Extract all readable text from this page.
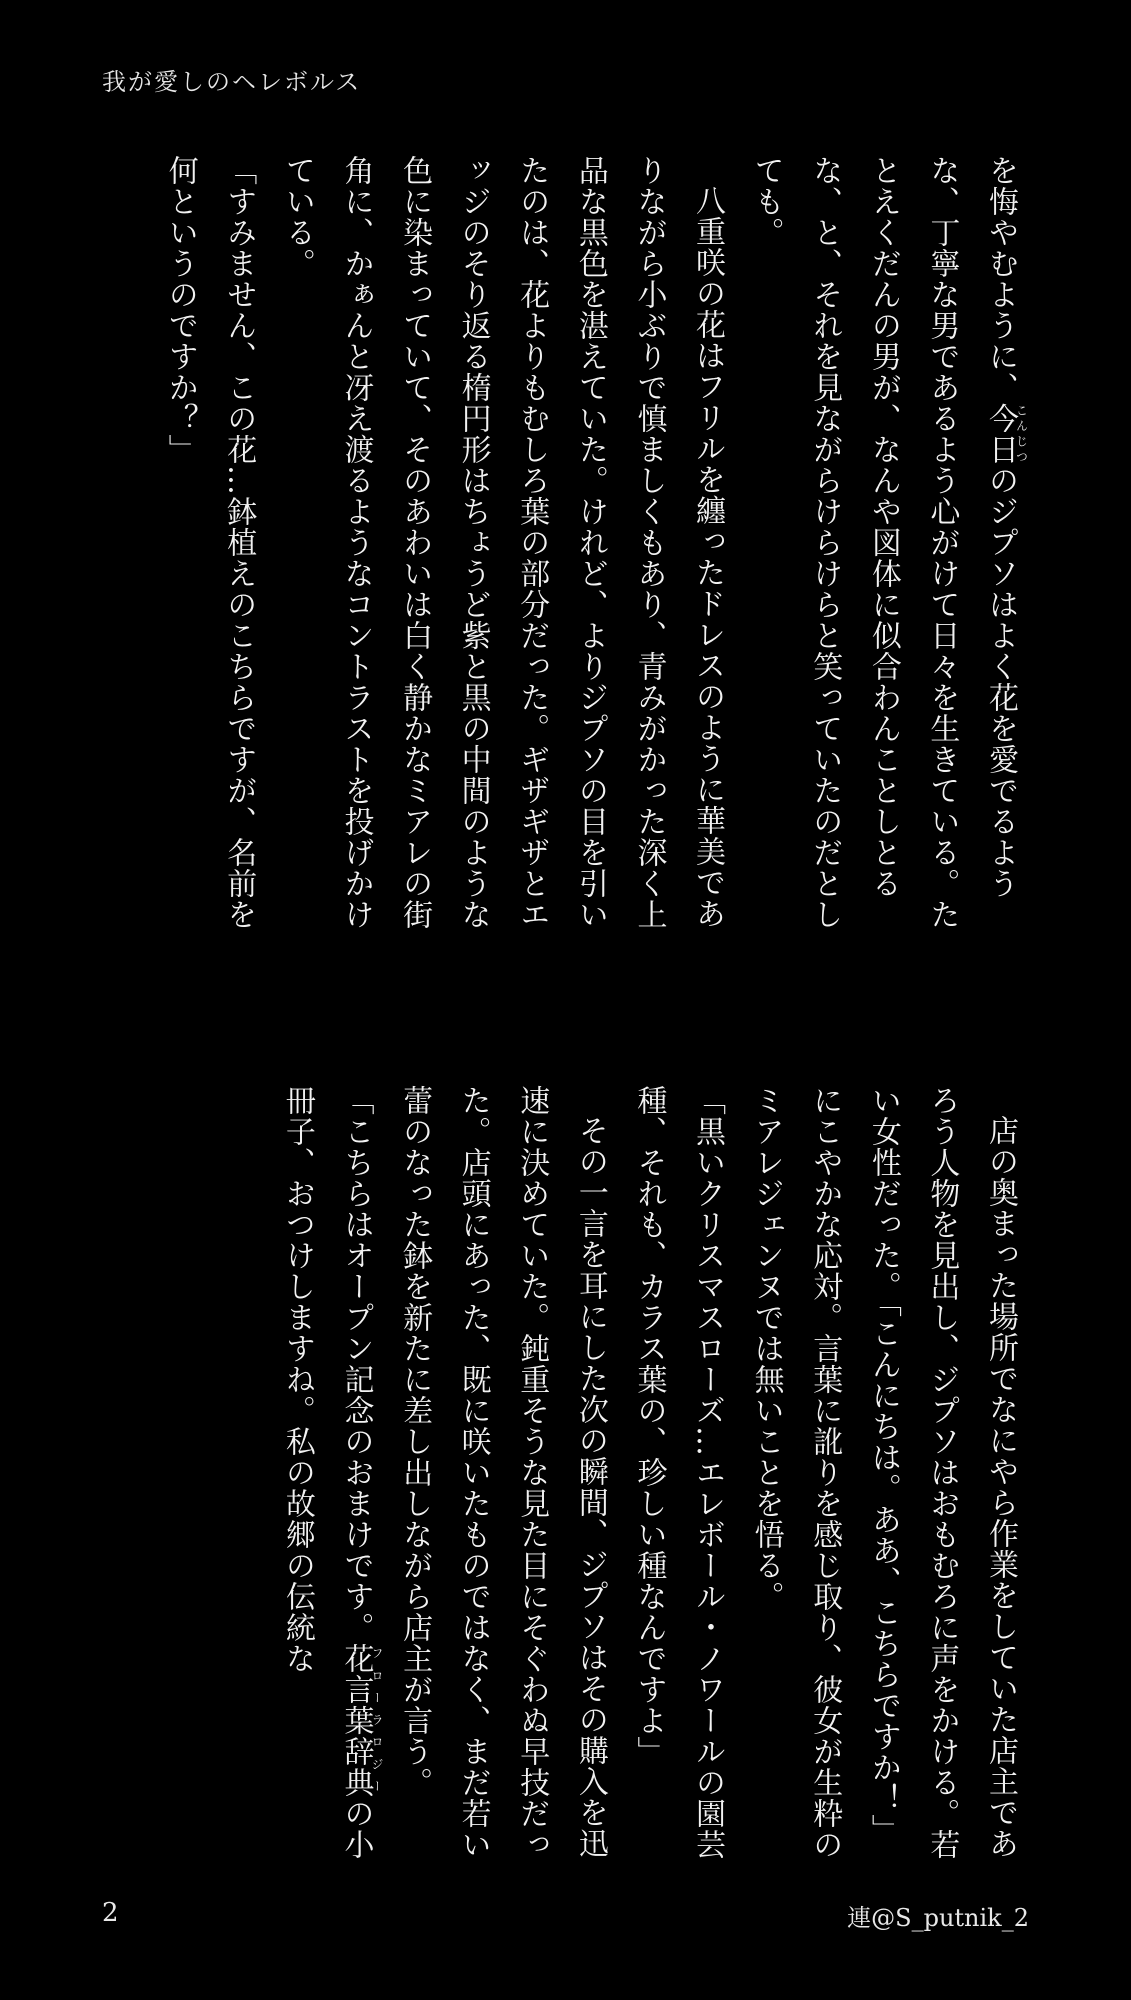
我が愛しのヘレボルス

を悔やむように、今日こんじつのジプソはよく花を愛でるような、丁寧な男であるよう心がけて日々を生きている。たとえくだんの男が、なんや図体に似合わんことしとるな、と、それを見ながらけらけらと笑っていたのだとしても。

八重咲の花はフリルを纏ったドレスのように華美でありながら小ぶりで慎ましくもあり、青みがかった深く上品な黒色を湛えていた。けれど、よりジプソの目を引いたのは、花よりもむしろ葉の部分だった。ギザギザとエッジのそり返る楕円形はちょうど紫と黒の中間のような色に染まっていて、そのあわいは白く静かなミアレの街角に、かぁんと冴え渡るようなコントラストを投げかけている。

「すみません、この花…鉢植えのこちらですが、名前を何というのですか？」

店の奥まった場所でなにやら作業をしていた店主であろう人物を見出し、ジプソはおもむろに声をかける。若い女性だった。「こんにちは。ああ、こちらですか！」にこやかな応対。言葉に訛りを感じ取り、彼女が生粋のミアレジェンヌでは無いことを悟る。

「黒いクリスマスローズ…エレボール・ノワールの園芸種、それも、カラス葉の、珍しい種なんですよ」

その一言を耳にした次の瞬間、ジプソはその購入を迅速に決めていた。鈍重そうな見た目にそぐわぬ早技だった。店頭にあった、既に咲いたものではなく、まだ若い蕾のなった鉢を新たに差し出しながら店主が言う。

「こちらはオープン記念のおまけです。花言葉辞典フローラロジーの小冊子、おつけしますね。私の故郷の伝統な

2	連@S_putnik_2
